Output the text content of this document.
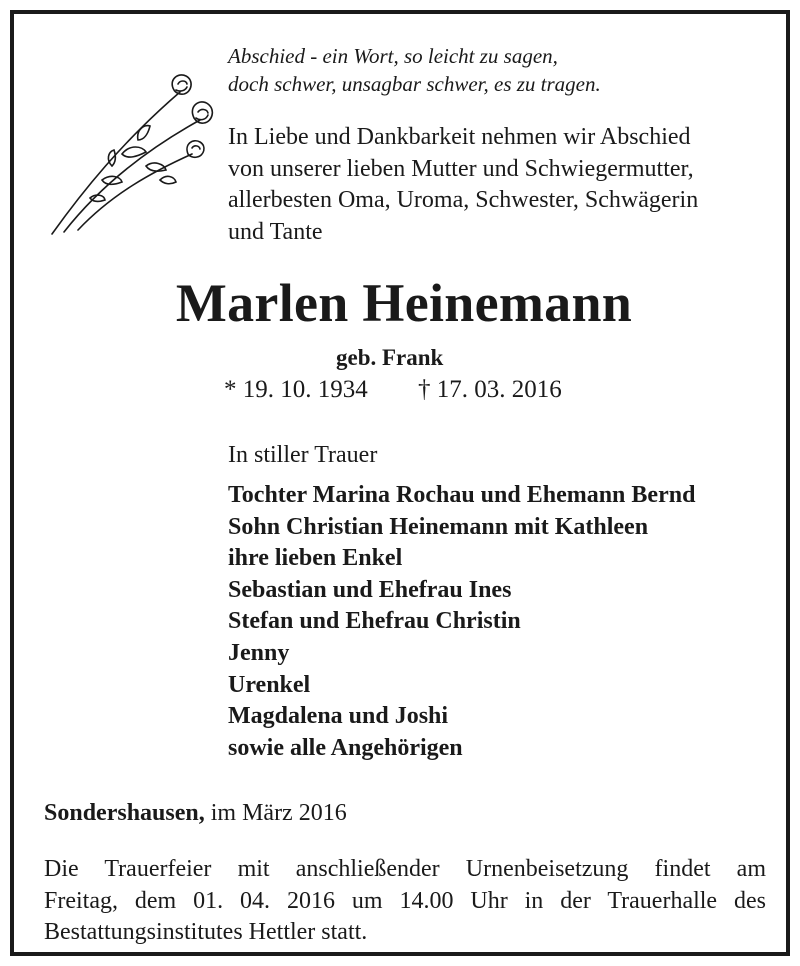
Abschied - ein Wort, so leicht zu sagen,
doch schwer, unsagbar schwer, es zu tragen.
In Liebe und Dankbarkeit nehmen wir Abschied
von unserer lieben Mutter und Schwiegermutter,
allerbesten Oma, Uroma, Schwester, Schwägerin
und Tante
Marlen Heinemann
geb. Frank
* 19. 10. 1934 † 17. 03. 2016
In stiller Trauer
Tochter Marina Rochau und Ehemann Bernd
Sohn Christian Heinemann mit Kathleen
ihre lieben Enkel
Sebastian und Ehefrau Ines
Stefan und Ehefrau Christin
Jenny
Urenkel
Magdalena und Joshi
sowie alle Angehörigen
Sondershausen, im März 2016
Die Trauerfeier mit anschließender Urnenbeisetzung findet am
Freitag, dem 01. 04. 2016 um 14.00 Uhr in der Trauerhalle des
Bestattungsinstitutes Hettler statt.
